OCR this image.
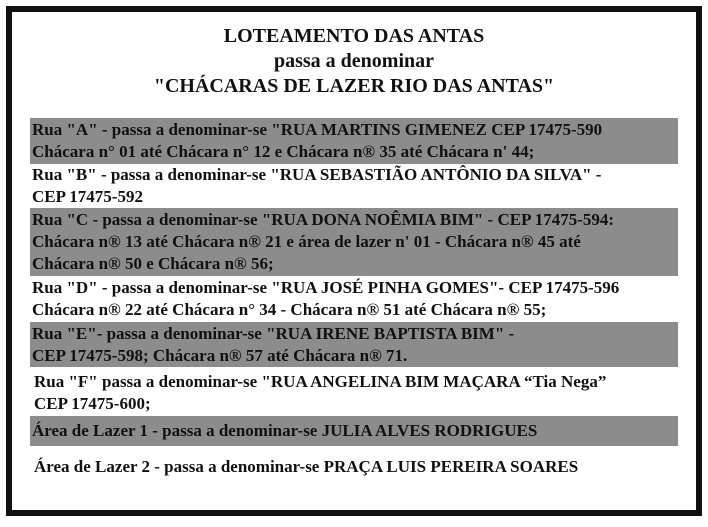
LOTEAMENTO DAS ANTAS
passa a denominar
"CHÁCARAS DE LAZER RIO DAS ANTAS"
Rua "A" - passa a denominar-se "RUA MARTINS GIMENEZ CEP 17475-590
Chácara n° 01 até Chácara n° 12 e Chácara n® 35 até Chácara n' 44;
Rua "B" - passa a denominar-se "RUA SEBASTIÃO ANTÔNIO DA SILVA" -
CEP 17475-592
Rua "C - passa a denominar-se "RUA DONA NOÊMIA BIM" - CEP 17475-594:
Chácara n® 13 até Chácara n® 21 e área de lazer n' 01 - Chácara n® 45 até
Chácara n® 50 e Chácara n® 56;
Rua "D" - passa a denominar-se "RUA JOSÉ PINHA GOMES"- CEP 17475-596
Chácara n® 22 até Chácara n° 34 - Chácara n® 51 até Chácara n® 55;
Rua "E"- passa a denominar-se "RUA IRENE BAPTISTA BIM" -
CEP 17475-598; Chácara n® 57 até Chácara n® 71.
Rua "F" passa a denominar-se "RUA ANGELINA BIM MAÇARA “Tia Nega”
CEP 17475-600;
Área de Lazer 1 - passa a denominar-se JULIA ALVES RODRIGUES
Área de Lazer 2 - passa a denominar-se PRAÇA LUIS PEREIRA SOARES
